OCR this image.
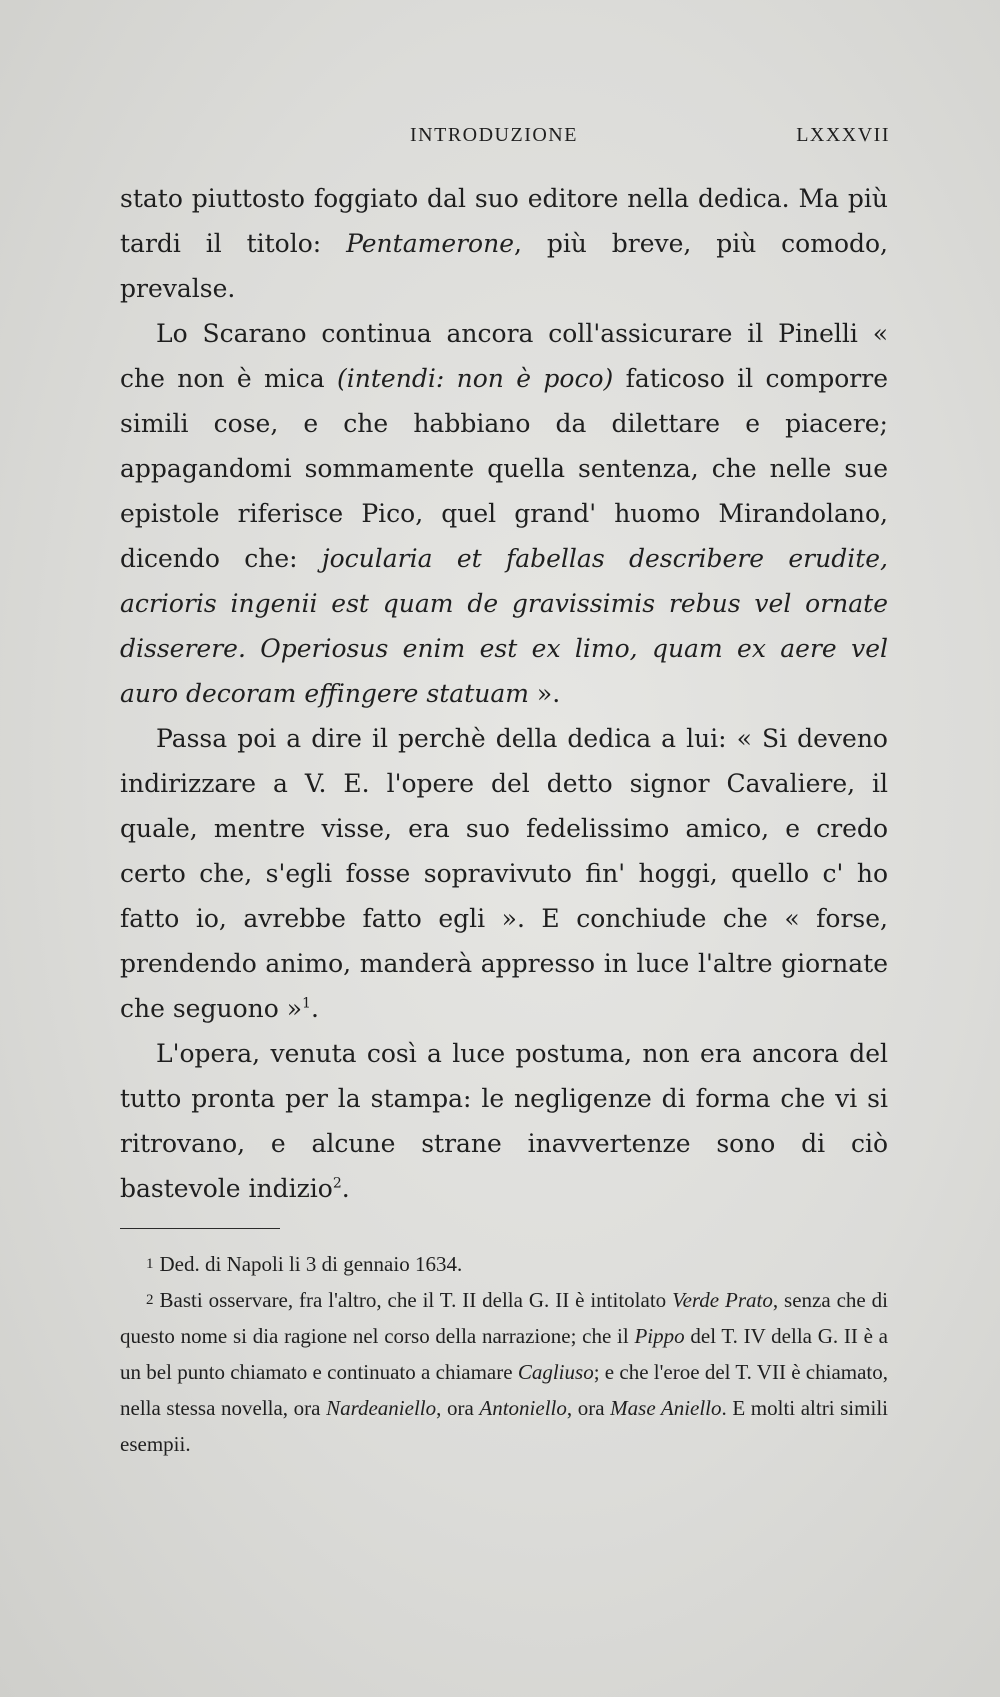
INTRODUZIONE	LXXXVII

stato piuttosto foggiato dal suo editore nella dedica. Ma più tardi il titolo: Pentamerone, più breve, più comodo, prevalse.

Lo Scarano continua ancora coll'assicurare il Pinelli « che non è mica (intendi: non è poco) faticoso il comporre simili cose, e che habbiano da dilettare e piacere; appagandomi sommamente quella sentenza, che nelle sue epistole riferisce Pico, quel grand' huomo Mirandolano, dicendo che: jocularia et fabellas describere erudite, acrioris ingenii est quam de gravissimis rebus vel ornate disserere. Operiosus enim est ex limo, quam ex aere vel auro decoram effingere statuam ».

Passa poi a dire il perchè della dedica a lui: « Si deveno indirizzare a V. E. l'opere del detto signor Cavaliere, il quale, mentre visse, era suo fedelissimo amico, e credo certo che, s'egli fosse sopravivuto fin' hoggi, quello c' ho fatto io, avrebbe fatto egli ». E conchiude che « forse, prendendo animo, manderà appresso in luce l'altre giornate che seguono »$^1$.

L'opera, venuta così a luce postuma, non era ancora del tutto pronta per la stampa: le negligenze di forma che vi si ritrovano, e alcune strane inavvertenze sono di ciò bastevole indizio$^2$.

1 Ded. di Napoli li 3 di gennaio 1634.

2 Basti osservare, fra l'altro, che il T. II della G. II è intitolato Verde Prato, senza che di questo nome si dia ragione nel corso della narrazione; che il Pippo del T. IV della G. II è a un bel punto chiamato e continuato a chiamare Cagliuso; e che l'eroe del T. VII è chiamato, nella stessa novella, ora Nardeaniello, ora Antoniello, ora Mase Aniello. E molti altri simili esempii.
